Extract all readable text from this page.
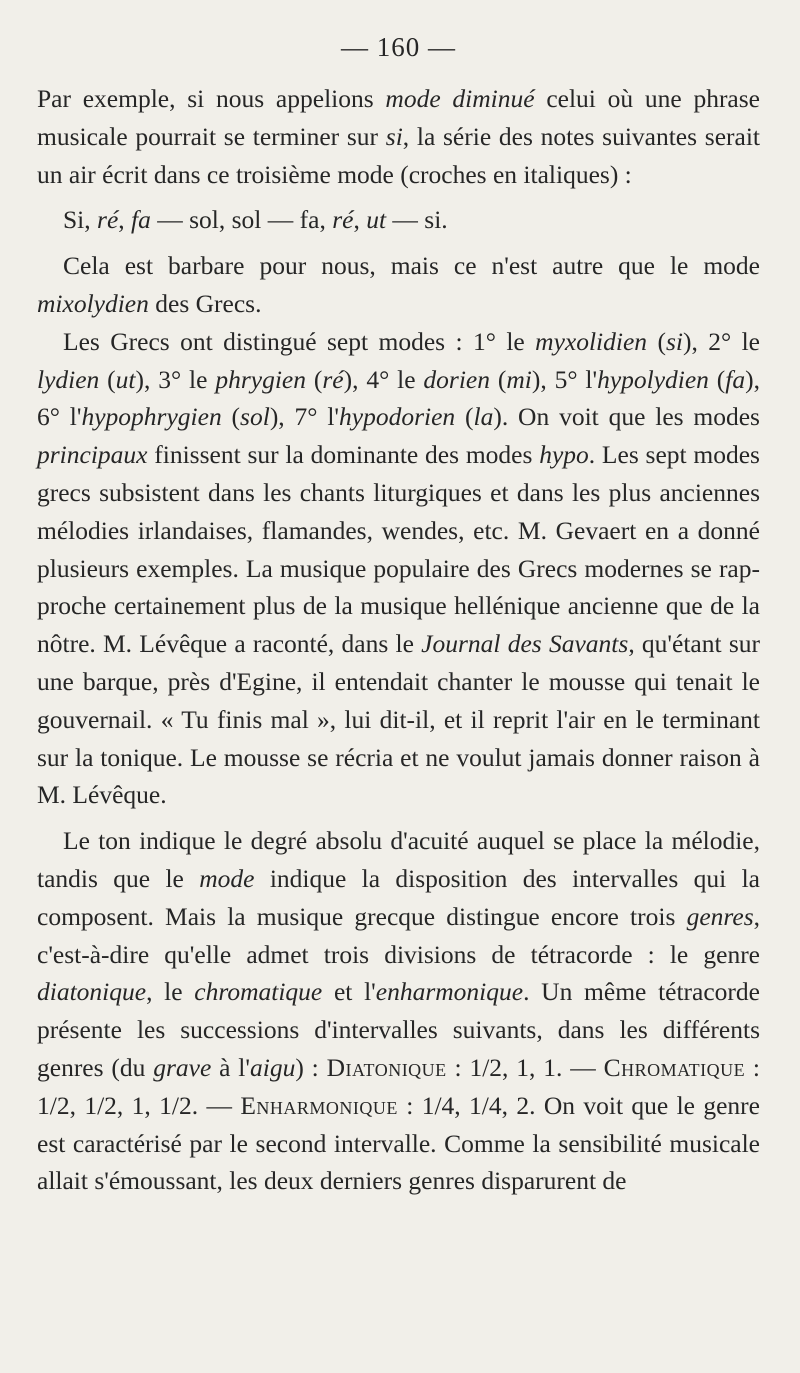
— 160 —

Par exemple, si nous appelions mode diminué celui où une phrase musicale pourrait se terminer sur si, la série des notes suivantes serait un air écrit dans ce troisième mode (croches en italiques) :

Si, ré, fa — sol, sol — fa, ré, ut — si.

Cela est barbare pour nous, mais ce n'est autre que le mode mixolydien des Grecs.

Les Grecs ont distingué sept modes : 1° le myxolidien (si), 2° le lydien (ut), 3° le phrygien (ré), 4° le dorien (mi), 5° l'hypolydien (fa), 6° l'hypophrygien (sol), 7° l'hypodorien (la). On voit que les modes principaux finissent sur la dominante des modes hypo. Les sept modes grecs subsistent dans les chants liturgiques et dans les plus anciennes mélodies irlandaises, flamandes, wendes, etc. M. Gevaert en a donné plusieurs exemples. La musique populaire des Grecs modernes se rapproche certainement plus de la musique hellénique ancienne que de la nôtre. M. Lévêque a raconté, dans le Journal des Savants, qu'étant sur une barque, près d'Egine, il entendait chanter le mousse qui tenait le gouvernail. « Tu finis mal », lui dit-il, et il reprit l'air en le terminant sur la tonique. Le mousse se récria et ne voulut jamais donner raison à M. Lévêque.

Le ton indique le degré absolu d'acuité auquel se place la mélodie, tandis que le mode indique la disposition des intervalles qui la composent. Mais la musique grecque distingue encore trois genres, c'est-à-dire qu'elle admet trois divisions de tétracorde : le genre diatonique, le chromatique et l'enharmonique. Un même tétracorde présente les successions d'intervalles suivants, dans les différents genres (du grave à l'aigu) : Diatonique : 1/2, 1, 1. — Chromatique : 1/2, 1/2, 1, 1/2. — Enharmonique : 1/4, 1/4, 2. On voit que le genre est caractérisé par le second intervalle. Comme la sensibilité musicale allait s'émoussant, les deux derniers genres disparurent de
